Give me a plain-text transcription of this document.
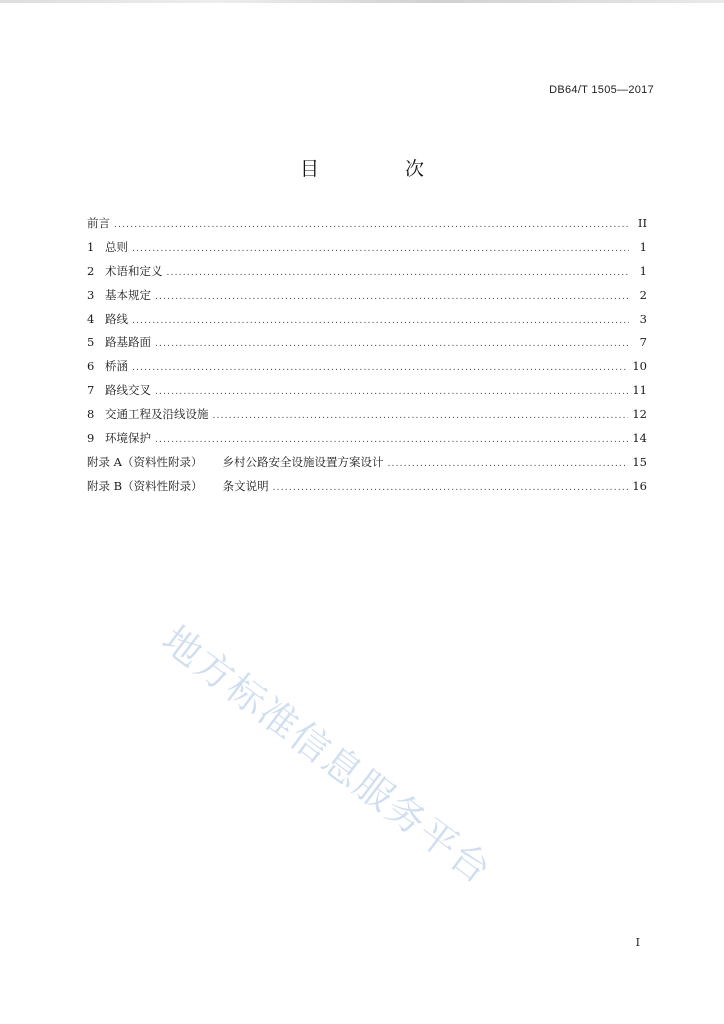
DB64/T 1505—2017
目 次
前言 .....	II
1 总则 .....	1
2 术语和定义 .....	1
3 基本规定 .....	2
4 路线 .....	3
5 路基路面 .....	7
6 桥涵 .....	10
7 路线交叉 .....	11
8 交通工程及沿线设施 .....	12
9 环境保护 .....	14
附录 A（资料性附录） 乡村公路安全设施设置方案设计 .....	15
附录 B（资料性附录） 条文说明 .....	16
地方标准信息服务平台
I
